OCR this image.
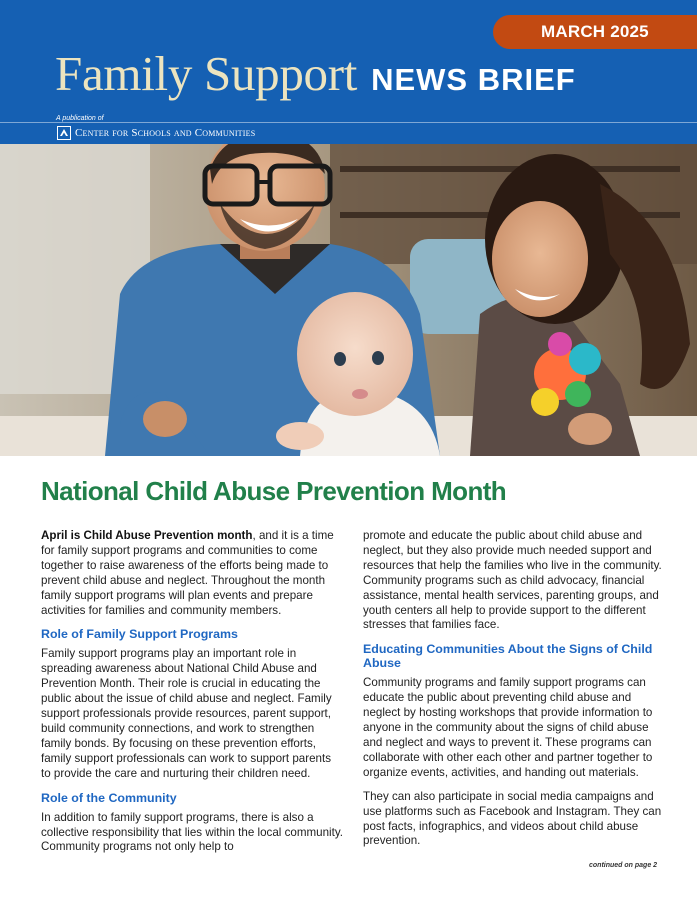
MARCH 2025
Family Support NEWS BRIEF
A publication of
Center for Schools and Communities
National Child Abuse Prevention Month

April is Child Abuse Prevention month, and it is a time for family support programs and communities to come together to raise awareness of the efforts being made to prevent child abuse and neglect. Throughout the month family support programs will plan events and prepare activities for families and community members.

Role of Family Support Programs

Family support programs play an important role in spreading awareness about National Child Abuse and Prevention Month. Their role is crucial in educating the public about the issue of child abuse and neglect. Family support professionals provide resources, parent support, build community connections, and work to strengthen family bonds. By focusing on these prevention efforts, family support professionals can work to support parents to provide the care and nurturing their children need.

Role of the Community

In addition to family support programs, there is also a collective responsibility that lies within the local community. Community programs not only help to

promote and educate the public about child abuse and neglect, but they also provide much needed support and resources that help the families who live in the community. Community programs such as child advocacy, financial assistance, mental health services, parenting groups, and youth centers all help to provide support to the different stresses that families face.

Educating Communities About the Signs of Child Abuse

Community programs and family support programs can educate the public about preventing child abuse and neglect by hosting workshops that provide information to anyone in the community about the signs of child abuse and neglect and ways to prevent it. These programs can collaborate with other each other and partner together to organize events, activities, and handing out materials.

They can also participate in social media campaigns and use platforms such as Facebook and Instagram. They can post facts, infographics, and videos about child abuse prevention.

continued on page 2
